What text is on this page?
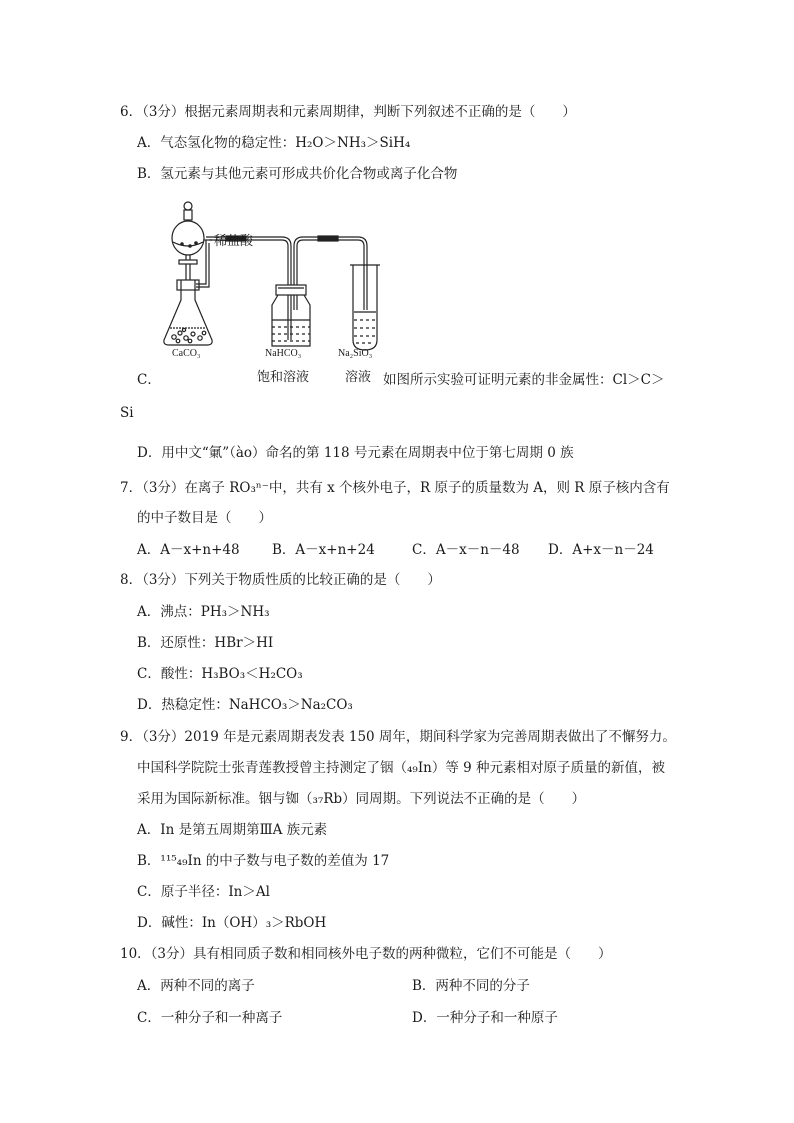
6．（3分）根据元素周期表和元素周期律，判断下列叙述不正确的是（　　）
A．气态氢化物的稳定性：H₂O＞NH₃＞SiH₄
B．氢元素与其他元素可形成共价化合物或离子化合物
稀盐酸
CaCO₃	NaHCO₃
饱和溶液
Na₂SiO₃
溶液
C．	如图所示实验可证明元素的非金属性：Cl＞C＞
Si
D．用中文“氭”（ào）命名的第 118 号元素在周期表中位于第七周期 0 族
7．（3分）在离子 RO₃ⁿ⁻中，共有 x 个核外电子，R 原子的质量数为 A，则 R 原子核内含有
的中子数目是（　　）
A．A－x+n+48 B．A－x+n+24	C．A－x－n－48 D．A+x－n－24
8．（3分）下列关于物质性质的比较正确的是（　　）
A．沸点：PH₃＞NH₃
B．还原性：HBr＞HI
C．酸性：H₃BO₃＜H₂CO₃
D．热稳定性：NaHCO₃＞Na₂CO₃
9．（3分）2019 年是元素周期表发表 150 周年，期间科学家为完善周期表做出了不懈努力。
中国科学院院士张青莲教授曾主持测定了铟（₄₉In）等 9 种元素相对原子质量的新值，被
采用为国际新标准。铟与铷（₃₇Rb）同周期。下列说法不正确的是（　　）
A．In 是第五周期第ⅢA 族元素
B．¹¹⁵₄₉In 的中子数与电子数的差值为 17
C．原子半径：In＞Al
D．碱性：In（OH）₃＞RbOH
10．（3分）具有相同质子数和相同核外电子数的两种微粒，它们不可能是（　　）
A．两种不同的离子	B．两种不同的分子
C．一种分子和一种离子	D．一种分子和一种原子
